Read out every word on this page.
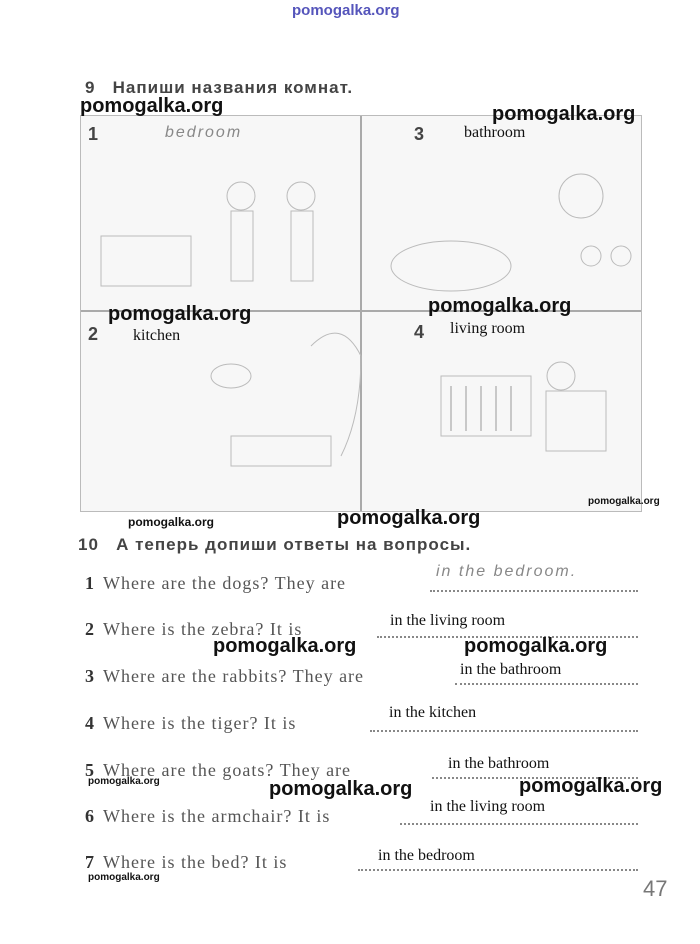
pomogalka.org
9 Напиши названия комнат.
1	bedroom	3 bathroom
2 kitchen	4 living room
pomogalka.org	pomogalka.org
pomogalka.org	pomogalka.org
pomogalka.org
pomogalka.org	pomogalka.org
10 А теперь допиши ответы на вопросы.
1 Where are the dogs? They are
in the bedroom.
2 Where is the zebra? It is	in the living room
pomogalka.org	pomogalka.org
3 Where are the rabbits? They are	in the bathroom
4 Where is the tiger? It is
in the kitchen
5 Where are the goats? They are	in the bathroom
pomogalka.org	pomogalka.org	pomogalka.org
6 Where is the armchair? It is	in the living room
7 Where is the bed? It is	in the bedroom
pomogalka.org	47
